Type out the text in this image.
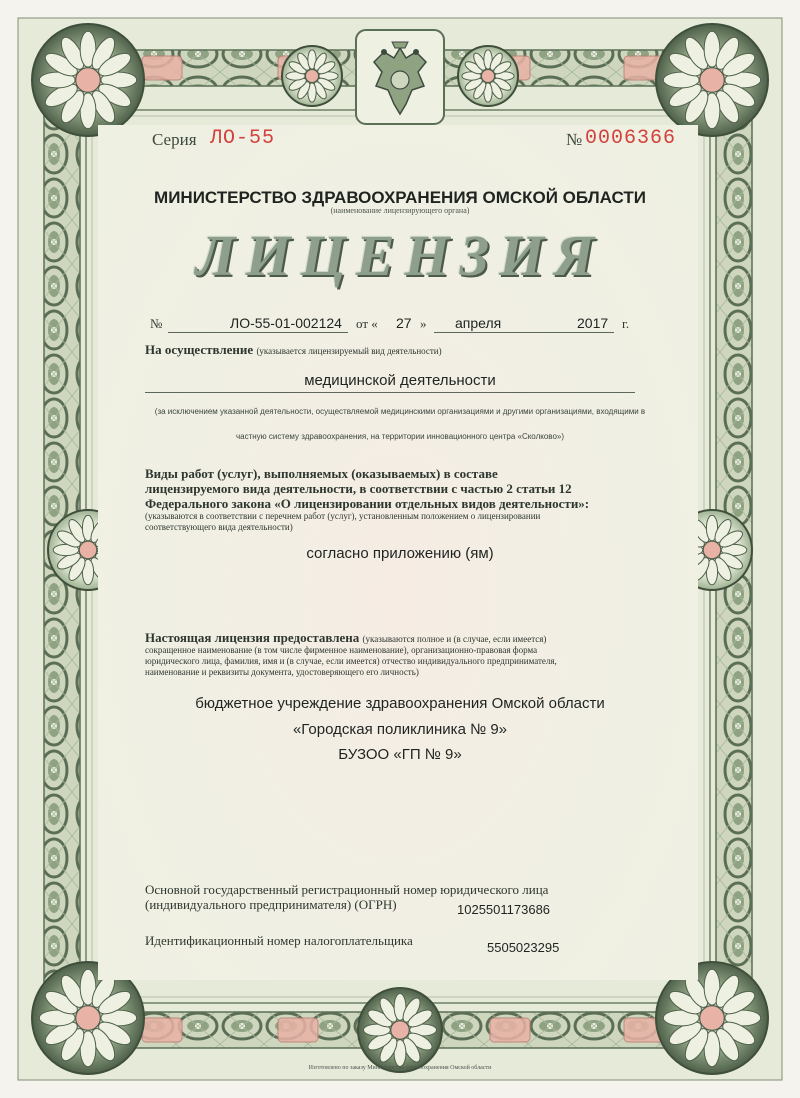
Серия ЛО-55	№ 0006366
МИНИСТЕРСТВО ЗДРАВООХРАНЕНИЯ ОМСКОЙ ОБЛАСТИ
(наименование лицензирующего органа)
ЛИЦЕНЗИЯ
№	ЛО-55-01-002124 от « 27 » апреля	2017 г.
На осуществление (указывается лицензируемый вид деятельности)
медицинской деятельности
(за исключением указанной деятельности, осуществляемой медицинскими организациями и другими организациями, входящими в
частную систему здравоохранения, на территории инновационного центра «Сколково»)
Виды работ (услуг), выполняемых (оказываемых) в составе
лицензируемого вида деятельности, в соответствии с частью 2 статьи 12
Федерального закона «О лицензировании отдельных видов деятельности»:
(указываются в соответствии с перечнем работ (услуг), установленным положением о лицензировании
соответствующего вида деятельности)
согласно приложению (ям)
Настоящая лицензия предоставлена (указываются полное и (в случае, если имеется)
сокращенное наименование (в том числе фирменное наименование), организационно-правовая форма
юридического лица, фамилия, имя и (в случае, если имеется) отчество индивидуального предпринимателя,
наименование и реквизиты документа, удостоверяющего его личность)
бюджетное учреждение здравоохранения Омской области
«Городская поликлиника № 9»
БУЗОО «ГП № 9»
Основной государственный регистрационный номер юридического лица
(индивидуального предпринимателя) (ОГРН)	1025501173686
Идентификационный номер налогоплательщика	5505023295
Изготовлено по заказу Министерства здравоохранения Омской области
